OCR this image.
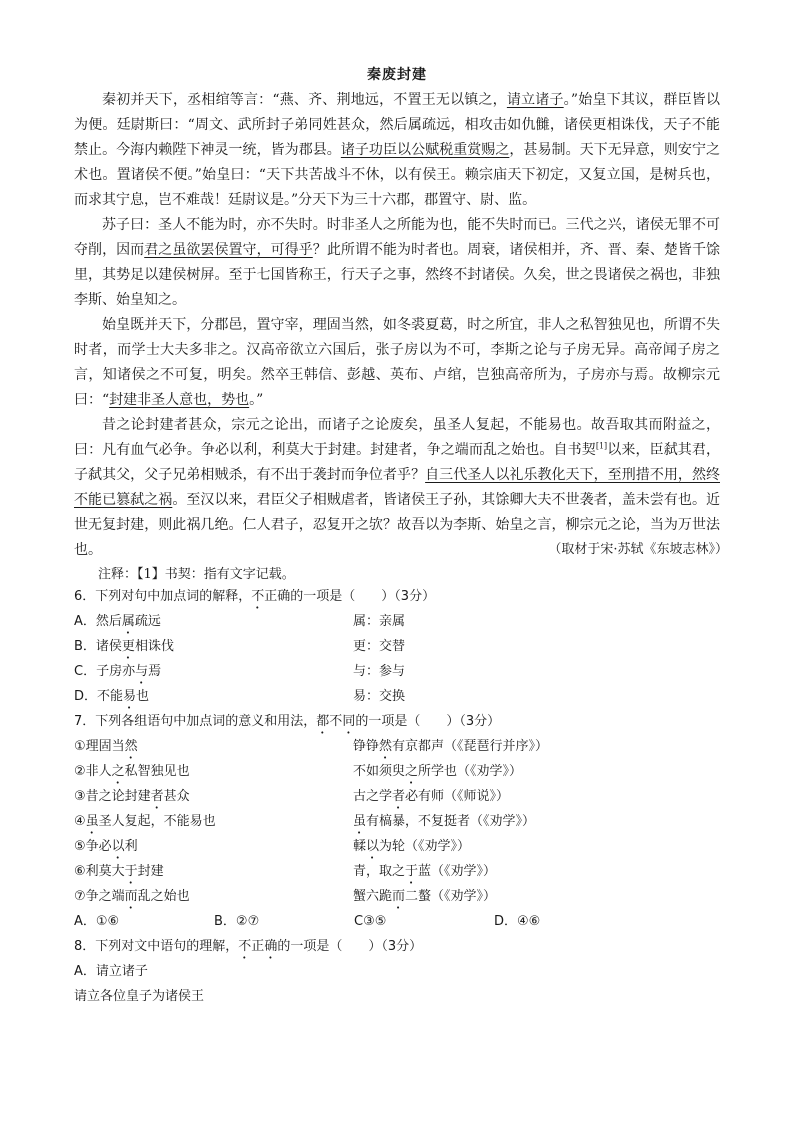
秦废封建

秦初并天下，丞相绾等言：“燕、齐、荆地远，不置王无以镇之，请立诸子。”始皇下其议，群臣皆以为便。廷尉斯曰：“周文、武所封子弟同姓甚众，然后属疏远，相攻击如仇雠，诸侯更相诛伐，天子不能禁止。今海内赖陛下神灵一统，皆为郡县。诸子功臣以公赋税重赏赐之，甚易制。天下无异意，则安宁之术也。置诸侯不便。”始皇曰：“天下共苦战斗不休，以有侯王。赖宗庙天下初定，又复立国，是树兵也，而求其宁息，岂不难哉！廷尉议是。”分天下为三十六郡，郡置守、尉、监。

苏子曰：圣人不能为时，亦不失时。时非圣人之所能为也，能不失时而已。三代之兴，诸侯无罪不可夺削，因而君之虽欲罢侯置守，可得乎？此所谓不能为时者也。周衰，诸侯相并，齐、晋、秦、楚皆千馀里，其势足以建侯树屏。至于七国皆称王，行天子之事，然终不封诸侯。久矣，世之畏诸侯之祸也，非独李斯、始皇知之。

始皇既并天下，分郡邑，置守宰，理固当然，如冬裘夏葛，时之所宜，非人之私智独见也，所谓不失时者，而学士大夫多非之。汉高帝欲立六国后，张子房以为不可，李斯之论与子房无异。高帝闻子房之言，知诸侯之不可复，明矣。然卒王韩信、彭越、英布、卢绾，岂独高帝所为，子房亦与焉。故柳宗元曰：“封建非圣人意也，势也。”

昔之论封建者甚众，宗元之论出，而诸子之论废矣，虽圣人复起，不能易也。故吾取其而附益之，曰：凡有血气必争。争必以利，利莫大于封建。封建者，争之端而乱之始也。自书契[1]以来，臣弑其君，子弑其父，父子兄弟相贼杀，有不出于袭封而争位者乎？自三代圣人以礼乐教化天下，至刑措不用，然终不能已篡弑之祸。至汉以来，君臣父子相贼虐者，皆诸侯王子孙，其馀卿大夫不世袭者，盖未尝有也。近世无复封建，则此祸几绝。仁人君子，忍复开之欤？故吾以为李斯、始皇之言，柳宗元之论，当为万世法也。	（取材于宋·苏轼《东坡志林》）
注释：【1】书契：指有文字记载。
6．下列对句中加点词的解释，不正确的一项是（　　）（3分）
A．然后属疏远	属：亲属
B．诸侯更相诛伐	更：交替
C．子房亦与焉	与：参与
D．不能易也	易：交换
7．下列各组语句中加点词的意义和用法，都不同的一项是（　　）（3分）
①理固当然	铮铮然有京都声（《琵琶行并序》）
②非人之私智独见也	不如须臾之所学也（《劝学》）
③昔之论封建者甚众	古之学者必有师（《师说》）
④虽圣人复起，不能易也	虽有槁暴，不复挺者（《劝学》）
⑤争必以利	輮以为轮（《劝学》）
⑥利莫大于封建	青，取之于蓝（《劝学》）
⑦争之端而乱之始也	蟹六跪而二螯（《劝学》）
A．①⑥	B．②⑦	C③⑤	D．④⑥
8．下列对文中语句的理解，不正确的一项是（　　）（3分）
A．请立诸子
请立各位皇子为诸侯王
